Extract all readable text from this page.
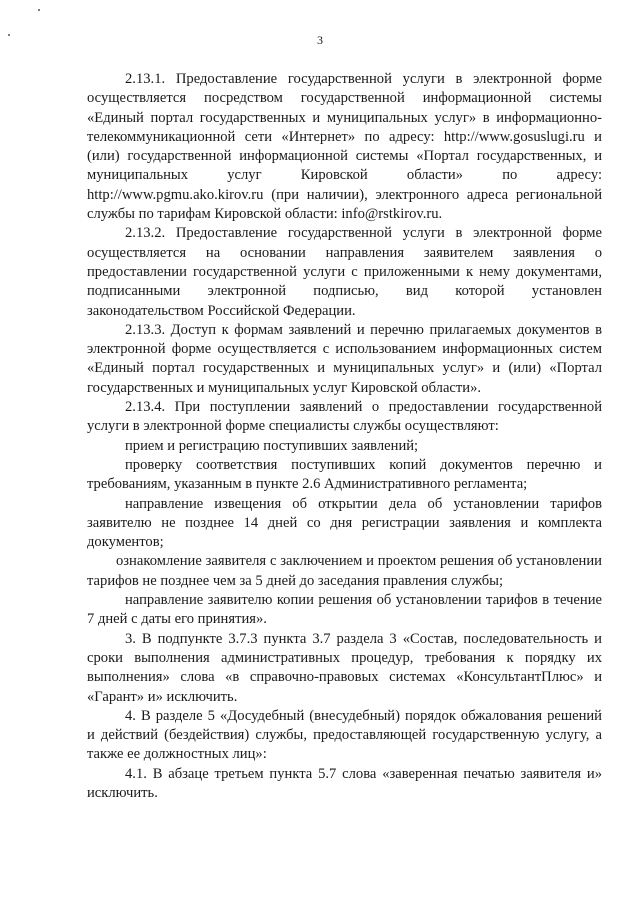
3

2.13.1. Предоставление государственной услуги в электронной форме осуществляется посредством государственной информационной системы «Единый портал государственных и муниципальных услуг» в информационно-телекоммуникационной сети «Интернет» по адресу: http://www.gosuslugi.ru и (или) государственной информационной системы «Портал государственных, и муниципальных услуг Кировской области» по адресу: http://www.pgmu.ako.kirov.ru (при наличии), электронного адреса региональной службы по тарифам Кировской области: info@rstkirov.ru.

2.13.2. Предоставление государственной услуги в электронной форме осуществляется на основании направления заявителем заявления о предоставлении государственной услуги с приложенными к нему документами, подписанными электронной подписью, вид которой установлен законодательством Российской Федерации.

2.13.3. Доступ к формам заявлений и перечню прилагаемых документов в электронной форме осуществляется с использованием информационных систем «Единый портал государственных и муниципальных услуг» и (или) «Портал государственных и муниципальных услуг Кировской области».

2.13.4. При поступлении заявлений о предоставлении государственной услуги в электронной форме специалисты службы осуществляют:

прием и регистрацию поступивших заявлений;

проверку соответствия поступивших копий документов перечню и требованиям, указанным в пункте 2.6 Административного регламента;

направление извещения об открытии дела об установлении тарифов заявителю не позднее 14 дней со дня регистрации заявления и комплекта документов;

ознакомление заявителя с заключением и проектом решения об установлении тарифов не позднее чем за 5 дней до заседания правления службы;

направление заявителю копии решения об установлении тарифов в течение 7 дней с даты его принятия».

3. В подпункте 3.7.3 пункта 3.7 раздела 3 «Состав, последовательность и сроки выполнения административных процедур, требования к порядку их выполнения» слова «в справочно-правовых системах «КонсультантПлюс» и «Гарант» и» исключить.

4. В разделе 5 «Досудебный (внесудебный) порядок обжалования решений и действий (бездействия) службы, предоставляющей государственную услугу, а также ее должностных лиц»:

4.1. В абзаце третьем пункта 5.7 слова «заверенная печатью заявителя и» исключить.
